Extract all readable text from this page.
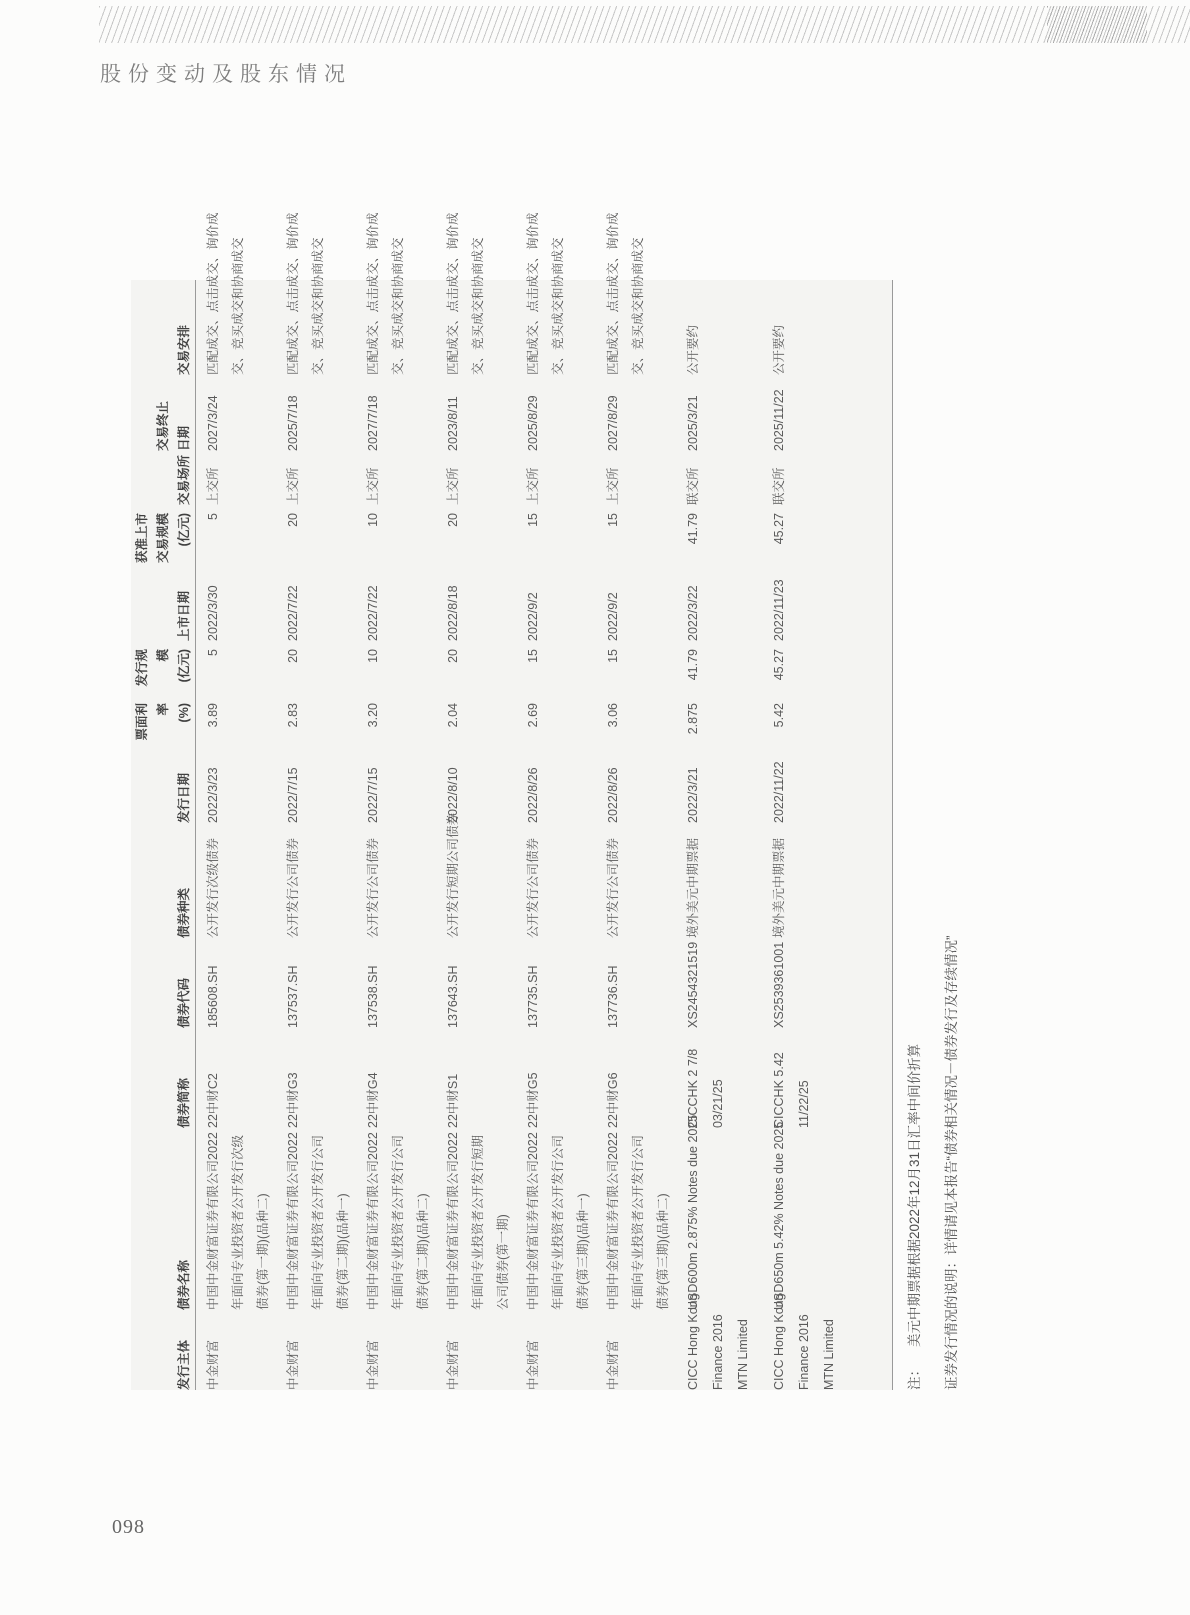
股份变动及股东情况
发行主体
债券名称
债券简称
债券代码
债券种类
发行日期
票面利率 (%)
发行规模 (亿元)
上市日期
获准上市 交易规模 (亿元)
交易场所
交易终止 日期
交易安排
中金财富
中国中金财富证券有限公司2022 年面向专业投资者公开发行次级 债券(第一期)(品种二)
22中财C2
185608.SH
公开发行次级债券
2022/3/23
3.89
5
2022/3/30
5
上交所
2027/3/24
匹配成交、点击成交、询价成 交、竞买成交和协商成交
中金财富
中国中金财富证券有限公司2022 年面向专业投资者公开发行公司 债券(第二期)(品种一)
22中财G3
137537.SH
公开发行公司债券
2022/7/15
2.83
20
2022/7/22
20
上交所
2025/7/18
匹配成交、点击成交、询价成 交、竞买成交和协商成交
中金财富
中国中金财富证券有限公司2022 年面向专业投资者公开发行公司 债券(第二期)(品种二)
22中财G4
137538.SH
公开发行公司债券
2022/7/15
3.20
10
2022/7/22
10
上交所
2027/7/18
匹配成交、点击成交、询价成 交、竞买成交和协商成交
中金财富
中国中金财富证券有限公司2022 年面向专业投资者公开发行短期 公司债券(第一期)
22中财S1
137643.SH
公开发行短期公司债券
2022/8/10
2.04
20
2022/8/18
20
上交所
2023/8/11
匹配成交、点击成交、询价成 交、竞买成交和协商成交
中金财富
中国中金财富证券有限公司2022 年面向专业投资者公开发行公司 债券(第三期)(品种一)
22中财G5
137735.SH
公开发行公司债券
2022/8/26
2.69
15
2022/9/2
15
上交所
2025/8/29
匹配成交、点击成交、询价成 交、竞买成交和协商成交
中金财富
中国中金财富证券有限公司2022 年面向专业投资者公开发行公司 债券(第三期)(品种二)
22中财G6
137736.SH
公开发行公司债券
2022/8/26
3.06
15
2022/9/2
15
上交所
2027/8/29
匹配成交、点击成交、询价成 交、竞买成交和协商成交
CICC Hong Kong Finance 2016 MTN Limited
USD600m 2.875% Notes due 2025
CICCHK 2 7/8 03/21/25
XS2454321519
境外美元中期票据
2022/3/21
2.875
41.79
2022/3/22
41.79
联交所
2025/3/21
公开要约
CICC Hong Kong Finance 2016 MTN Limited
USD650m 5.42% Notes due 2025
CICCHK 5.42 11/22/25
XS2539361001
境外美元中期票据
2022/11/22
5.42
45.27
2022/11/23
45.27
联交所
2025/11/22
公开要约
注：美元中期票据根据2022年12月31日汇率中间价折算 证券发行情况的说明：详情请见本报告“债券相关情况－债券发行及存续情况”
098
